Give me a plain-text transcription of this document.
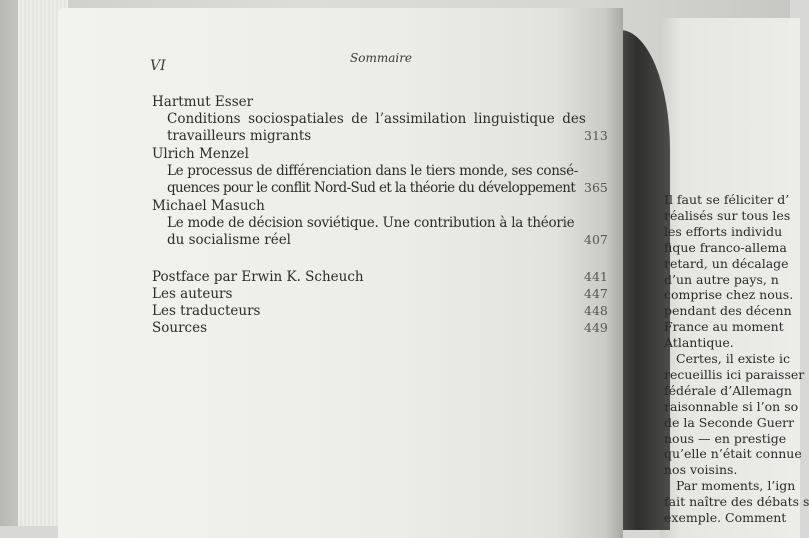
VI	Sommaire
Hartmut Esser
Conditions sociospatiales de l’assimilation linguistique des
travailleurs migrants	313
Ulrich Menzel
Le processus de différenciation dans le tiers monde, ses consé-
quences pour le conflit Nord-Sud et la théorie du développement 365
Michael Masuch
Le mode de décision soviétique. Une contribution à la théorie
du socialisme réel	407
Postface par Erwin K. Scheuch	441
Les auteurs	447
Les traducteurs	448
Sources	449
Il faut se féliciter d’
réalisés sur tous les
les efforts individu
fique franco-allema
retard, un décalage
d’un autre pays, n
comprise chez nous.
pendant des décenn
France au moment
Atlantique.
Certes, il existe ic
recueillis ici paraisser
fédérale d’Allemagn
raisonnable si l’on so
de la Seconde Guerr
nous — en prestige
qu’elle n’était connue
nos voisins.
Par moments, l’ign
fait naître des débats s
exemple. Comment
